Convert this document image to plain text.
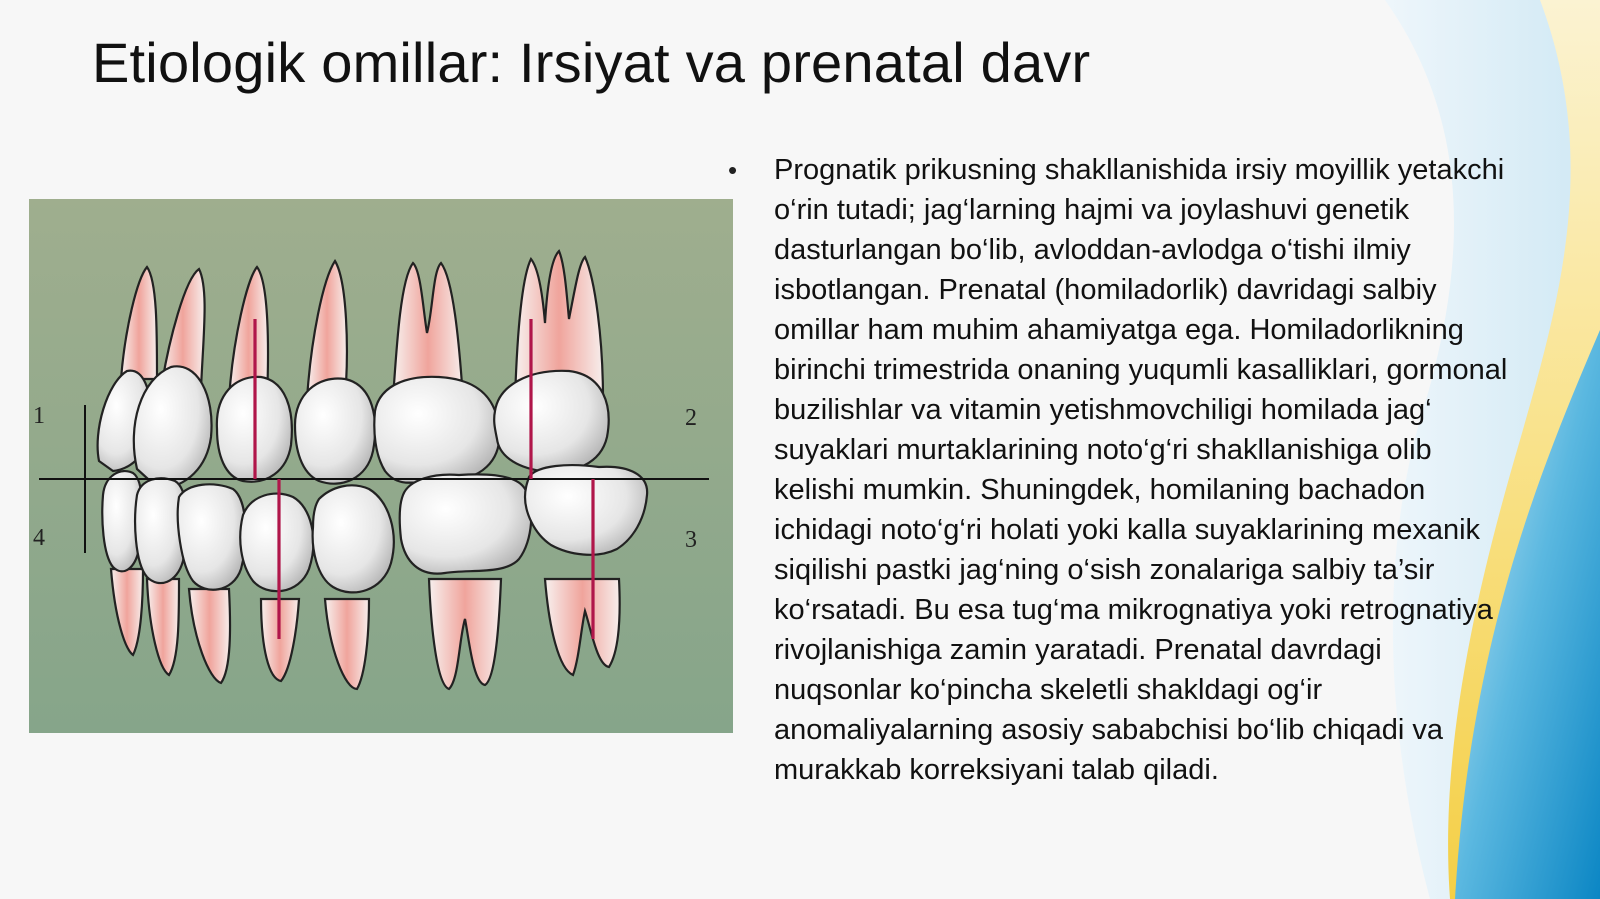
Etiologik omillar: Irsiyat va prenatal davr
1	2
3
4
• Prognatik prikusning shakllanishida irsiy moyillik yetakchi o‘rin tutadi; jag‘larning hajmi va joylashuvi genetik dasturlangan bo‘lib, avloddan-avlodga o‘tishi ilmiy isbotlangan. Prenatal (homiladorlik) davridagi salbiy omillar ham muhim ahamiyatga ega. Homiladorlikning birinchi trimestrida onaning yuqumli kasalliklari, gormonal buzilishlar va vitamin yetishmovchiligi homilada jag‘ suyaklari murtaklarining noto‘g‘ri shakllanishiga olib kelishi mumkin. Shuningdek, homilaning bachadon ichidagi noto‘g‘ri holati yoki kalla suyaklarining mexanik siqilishi pastki jag‘ning o‘sish zonalariga salbiy ta’sir ko‘rsatadi. Bu esa tug‘ma mikrognatiya yoki retrognatiya rivojlanishiga zamin yaratadi. Prenatal davrdagi nuqsonlar ko‘pincha skeletli shakldagi og‘ir anomaliyalarning asosiy sababchisi bo‘lib chiqadi va murakkab korreksiyani talab qiladi.
